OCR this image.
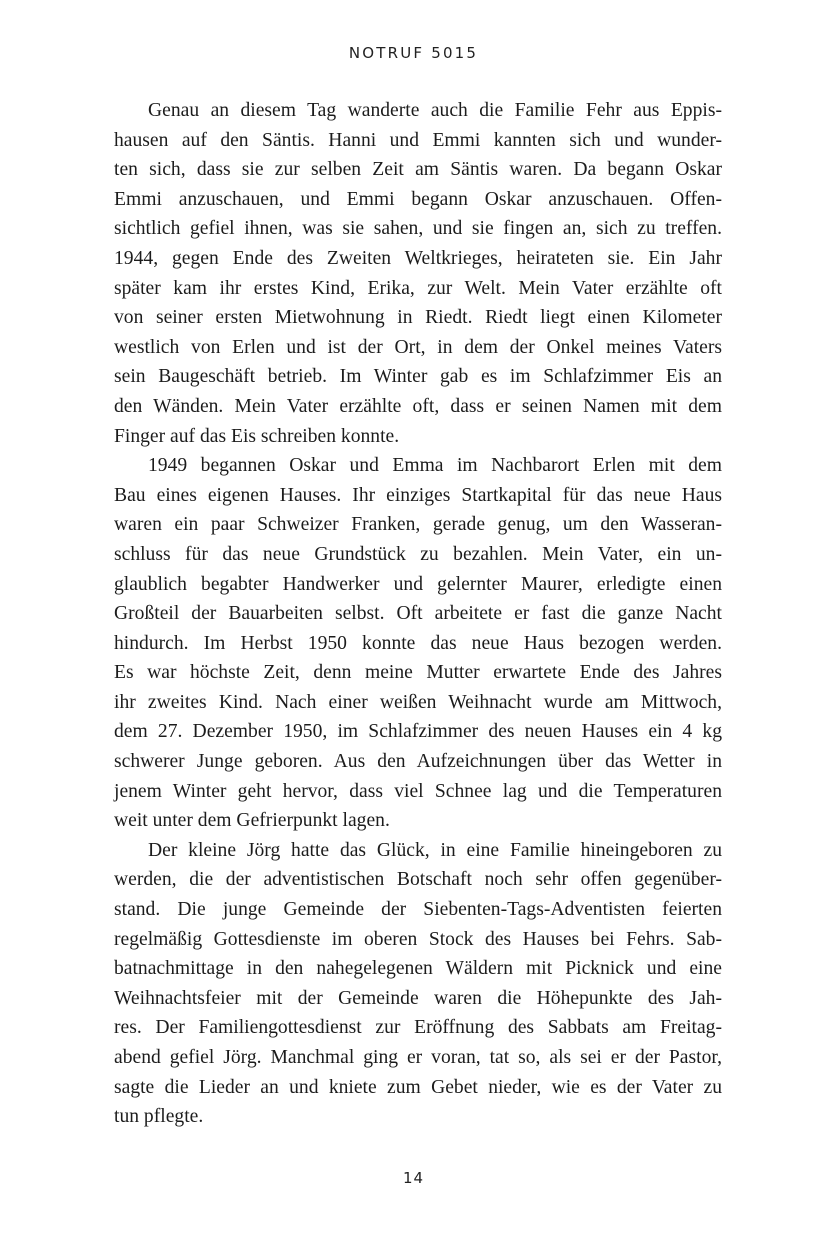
NOTRUF 5015
Genau an diesem Tag wanderte auch die Familie Fehr aus Eppis-
hausen auf den Säntis. Hanni und Emmi kannten sich und wunder-
ten sich, dass sie zur selben Zeit am Säntis waren. Da begann Oskar
Emmi anzuschauen, und Emmi begann Oskar anzuschauen. Offen-
sichtlich gefiel ihnen, was sie sahen, und sie fingen an, sich zu treffen.
1944, gegen Ende des Zweiten Weltkrieges, heirateten sie. Ein Jahr
später kam ihr erstes Kind, Erika, zur Welt. Mein Vater erzählte oft
von seiner ersten Mietwohnung in Riedt. Riedt liegt einen Kilometer
westlich von Erlen und ist der Ort, in dem der Onkel meines Vaters
sein Baugeschäft betrieb. Im Winter gab es im Schlafzimmer Eis an
den Wänden. Mein Vater erzählte oft, dass er seinen Namen mit dem
Finger auf das Eis schreiben konnte.
1949 begannen Oskar und Emma im Nachbarort Erlen mit dem
Bau eines eigenen Hauses. Ihr einziges Startkapital für das neue Haus
waren ein paar Schweizer Franken, gerade genug, um den Wasseran-
schluss für das neue Grundstück zu bezahlen. Mein Vater, ein un-
glaublich begabter Handwerker und gelernter Maurer, erledigte einen
Großteil der Bauarbeiten selbst. Oft arbeitete er fast die ganze Nacht
hindurch. Im Herbst 1950 konnte das neue Haus bezogen werden.
Es war höchste Zeit, denn meine Mutter erwartete Ende des Jahres
ihr zweites Kind. Nach einer weißen Weihnacht wurde am Mittwoch,
dem 27. Dezember 1950, im Schlafzimmer des neuen Hauses ein 4 kg
schwerer Junge geboren. Aus den Aufzeichnungen über das Wetter in
jenem Winter geht hervor, dass viel Schnee lag und die Temperaturen
weit unter dem Gefrierpunkt lagen.
Der kleine Jörg hatte das Glück, in eine Familie hineingeboren zu
werden, die der adventistischen Botschaft noch sehr offen gegenüber-
stand. Die junge Gemeinde der Siebenten-Tags-Adventisten feierten
regelmäßig Gottesdienste im oberen Stock des Hauses bei Fehrs. Sab-
batnachmittage in den nahegelegenen Wäldern mit Picknick und eine
Weihnachtsfeier mit der Gemeinde waren die Höhepunkte des Jah-
res. Der Familiengottesdienst zur Eröffnung des Sabbats am Freitag-
abend gefiel Jörg. Manchmal ging er voran, tat so, als sei er der Pastor,
sagte die Lieder an und kniete zum Gebet nieder, wie es der Vater zu
tun pflegte.
14
